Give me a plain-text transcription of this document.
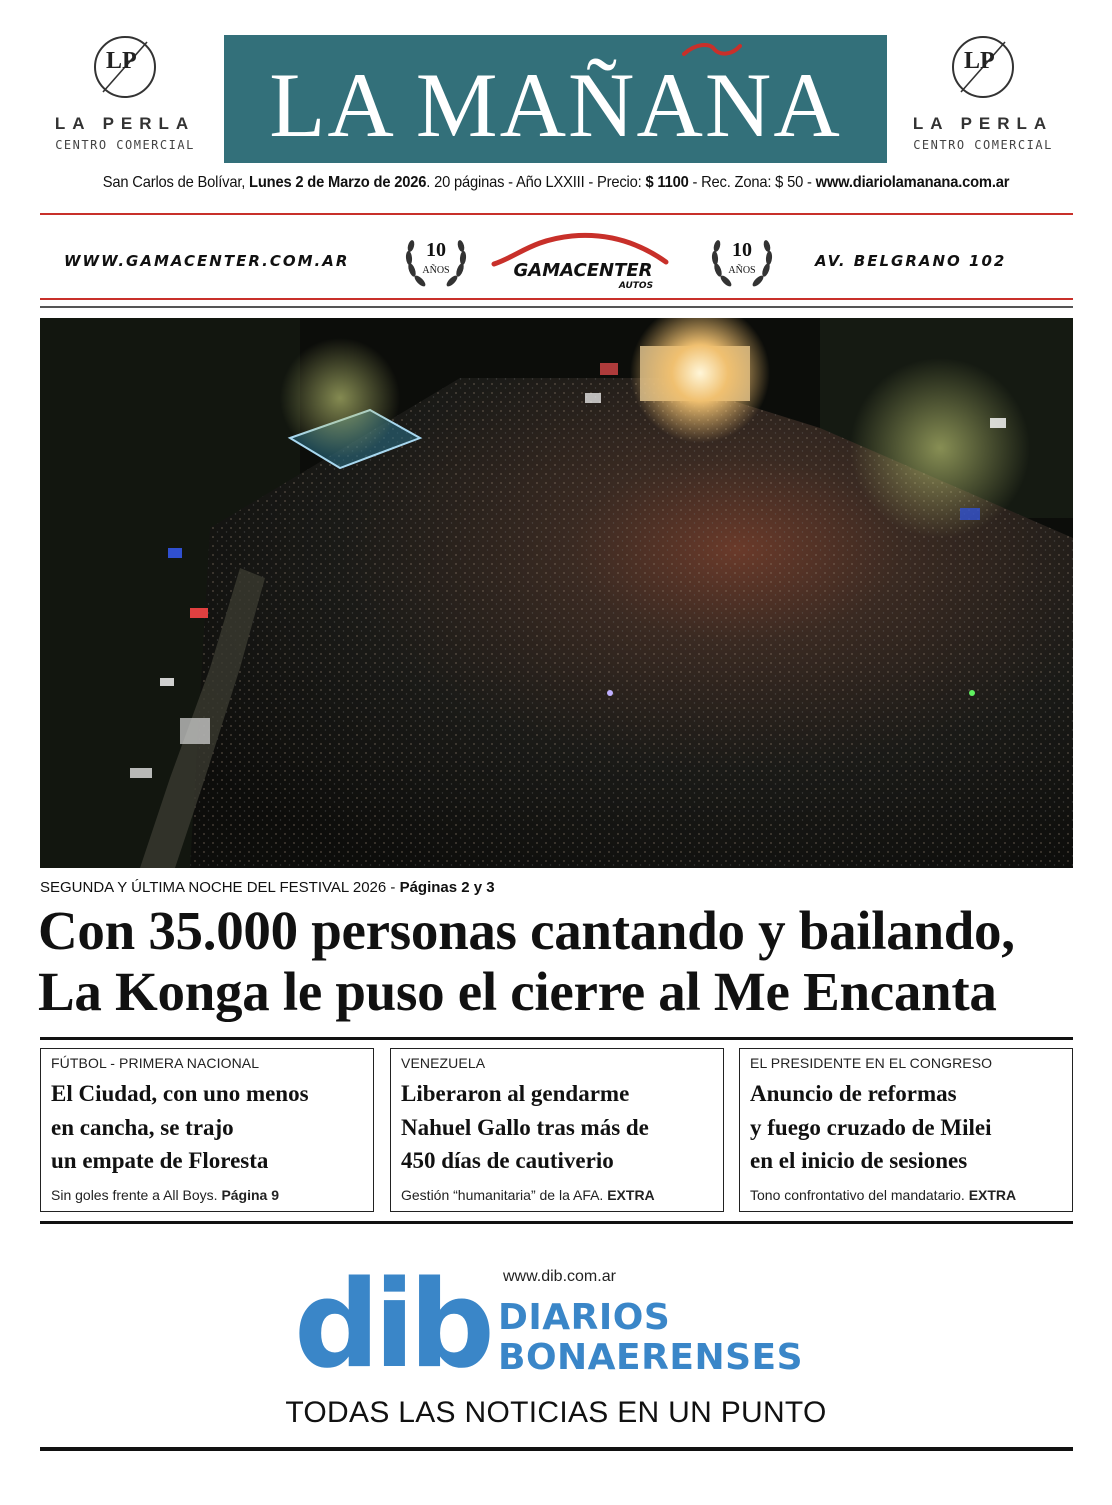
LP
LA PERLA
CENTRO COMERCIAL LA MAÑANA	LP
LA PERLA
CENTRO COMERCIAL
San Carlos de Bolívar, Lunes 2 de Marzo de 2026. 20 páginas - Año LXXIII - Precio: $ 1100 - Rec. Zona: $ 50 - www.diariolamanana.com.ar
WWW.GAMACENTER.COM.AR	10
AÑOS	GAMACENTER
AUTOS
10
AÑOS
AV. BELGRANO 102
SEGUNDA Y ÚLTIMA NOCHE DEL FESTIVAL 2026 - Páginas 2 y 3
Con 35.000 personas cantando y bailando,
La Konga le puso el cierre al Me Encanta
FÚTBOL - PRIMERA NACIONAL
El Ciudad, con uno menos
en cancha, se trajo
un empate de Floresta
Sin goles frente a All Boys. Página 9
VENEZUELA
Liberaron al gendarme
Nahuel Gallo tras más de
450 días de cautiverio
Gestión “humanitaria” de la AFA. EXTRA
EL PRESIDENTE EN EL CONGRESO
Anuncio de reformas
y fuego cruzado de Milei
en el inicio de sesiones
Tono confrontativo del mandatario. EXTRA
dib www.dib.com.ar
DIARIOS
BONAERENSES
TODAS LAS NOTICIAS EN UN PUNTO
